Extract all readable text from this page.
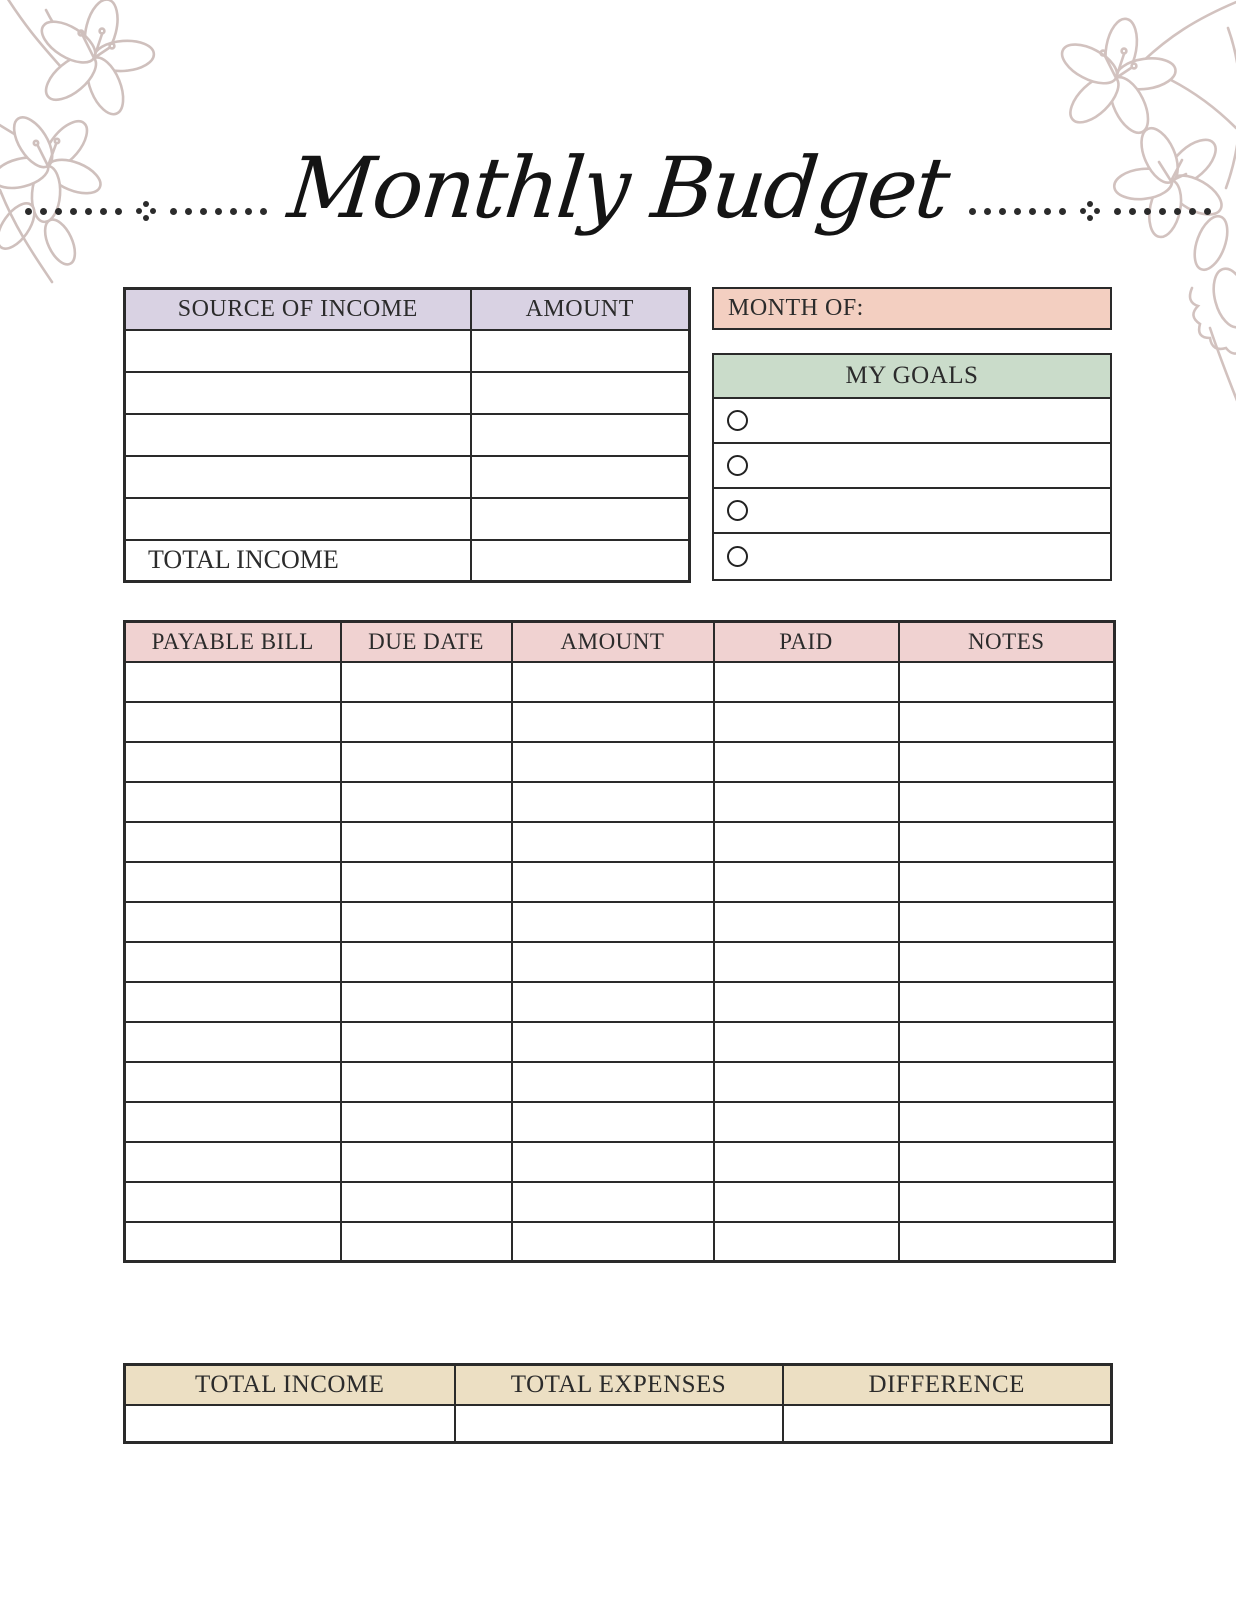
Monthly Budget
SOURCE OF INCOME	AMOUNT

TOTAL INCOME	
MONTH OF:
MY GOALS
PAYABLE BILL	DUE DATE	AMOUNT	PAID	NOTES

TOTAL INCOME	TOTAL EXPENSES	DIFFERENCE
